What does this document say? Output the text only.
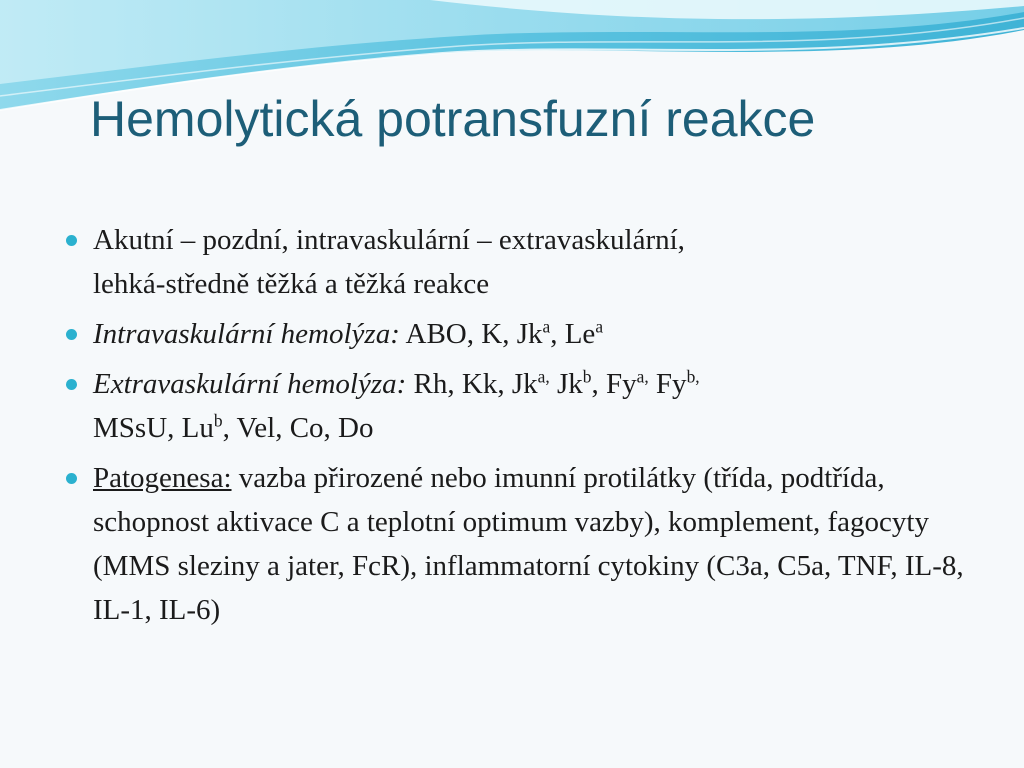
Hemolytická potransfuzní reakce
Akutní – pozdní, intravaskulární – extravaskulární,
lehká-středně těžká a těžká reakce
Intravaskulární hemolýza: ABO, K, Jk$^a$, Le$^a$
Extravaskulární hemolýza: Rh, Kk, $Jk^{a,}$ Jk$^b$, $Fy^{a,}$ $Fy^{b,}$
MSsU, Lu$^b$, Vel, Co, Do
Patogenesa: vazba přirozené nebo imunní protilátky (třída, podtřída, schopnost aktivace C a teplotní optimum vazby), komplement, fagocyty (MMS sleziny a jater, FcR), inflammatorní cytokiny (C3a, C5a, TNF, IL-8, IL-1, IL-6)
